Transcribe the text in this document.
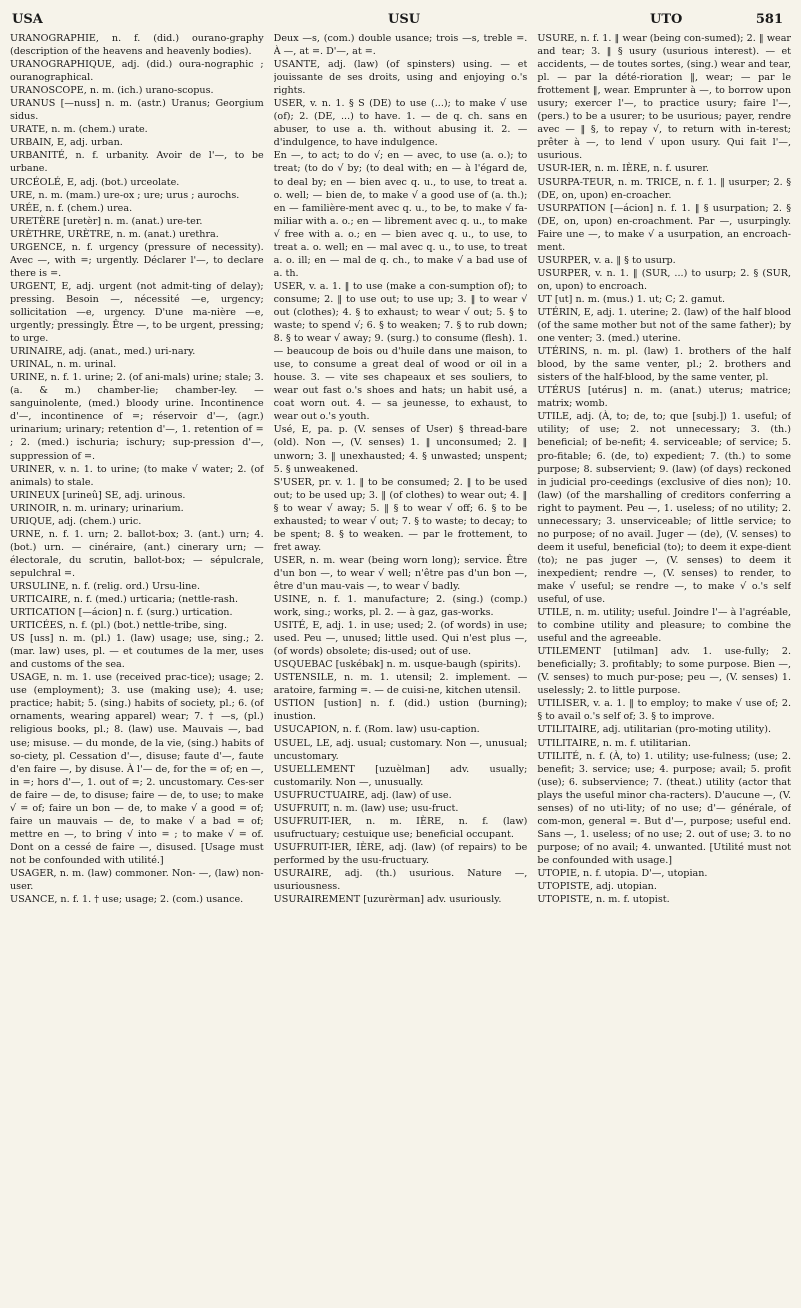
USA	USU	UTO	581

URANOGRAPHIE, n. f. (did.) ourano-graphy (description of the heavens and heavenly bodies).

URANOGRAPHIQUE, adj. (did.) oura-nographic ; ouranographical.

URANOSCOPE, n. m. (ich.) urano-scopus.

URANUS [—nuss] n. m. (astr.) Uranus; Georgium sidus.

URATE, n. m. (chem.) urate.

URBAIN, E, adj. urban.

URBANITÉ, n. f. urbanity. Avoir de l'—, to be urbane.

URCÉOLÉ, E, adj. (bot.) urceolate.

URE, n. m. (mam.) ure-ox ; ure; urus ; aurochs.

URÉE, n. f. (chem.) urea.

URETÈRE [uretèr] n. m. (anat.) ure-ter.

URÈTHRE, URÈTRE, n. m. (anat.) urethra.

URGENCE, n. f. urgency (pressure of necessity). Avec —, with =; urgently. Déclarer l'—, to declare there is =.

URGENT, E, adj. urgent (not admit-ting of delay); pressing. Besoin —, nécessité —e, urgency; sollicitation —e, urgency. D'une ma-nière —e, urgently; pressingly. Être —, to be urgent, pressing; to urge.

URINAIRE, adj. (anat., med.) uri-nary.

URINAL, n. m. urinal.

URINE, n. f. 1. urine; 2. (of ani-mals) urine; stale; 3. (a. & m.) chamber-lie; chamber-ley. — sanguinolente, (med.) bloody urine. Incontinence d'—, incontinence of =; réservoir d'—, (agr.) urinarium; urinary; retention d'—, 1. retention of = ; 2. (med.) ischuria; ischury; sup-pression d'—, suppression of =.

URINER, v. n. 1. to urine; (to make √ water; 2. (of animals) to stale.

URINEUX [urineû] SE, adj. urinous.

URINOIR, n. m. urinary; urinarium.

URIQUE, adj. (chem.) uric.

URNE, n. f. 1. urn; 2. ballot-box; 3. (ant.) urn; 4. (bot.) urn. — cinéraire, (ant.) cinerary urn; — électorale, du scrutin, ballot-box; — sépulcrale, sepulchral =.

URSULINE, n. f. (relig. ord.) Ursu-line.

URTICAIRE, n. f. (med.) urticaria; (nettle-rash.

URTICATION [—ácion] n. f. (surg.) urtication.

URTICÉES, n. f. (pl.) (bot.) nettle-tribe, sing.

US [uss] n. m. (pl.) 1. (law) usage; use, sing.; 2. (mar. law) uses, pl. — et coutumes de la mer, uses and customs of the sea.

USAGE, n. m. 1. use (received prac-tice); usage; 2. use (employment); 3. use (making use); 4. use; practice; habit; 5. (sing.) habits of society, pl.; 6. (of ornaments, wearing apparel) wear; 7. † —s, (pl.) religious books, pl.; 8. (law) use. Mauvais —, bad use; misuse. — du monde, de la vie, (sing.) habits of so-ciety, pl. Cessation d'—, disuse; faute d'—, faute d'en faire —, by disuse. À l'— de, for the = of; en —, in =; hors d'—, 1. out of =; 2. uncustomary. Ces-ser de faire — de, to disuse; faire — de, to use; to make √ = of; faire un bon — de, to make √ a good = of; faire un mauvais — de, to make √ a bad = of; mettre en —, to bring √ into = ; to make √ = of. Dont on a cessé de faire —, disused. [Usage must not be confounded with utilité.]

USAGER, n. m. (law) commoner. Non- —, (law) non-user.

USANCE, n. f. 1. † use; usage; 2. (com.) usance.

Deux —s, (com.) double usance; trois —s, treble =. À —, at =. D'—, at =.

USANTE, adj. (law) (of spinsters) using. — et jouissante de ses droits, using and enjoying o.'s rights.

USER, v. n. 1. § S (DE) to use (...); to make √ use (of); 2. (DE, ...) to have. 1. — de q. ch. sans en abuser, to use a. th. without abusing it. 2. — d'indulgence, to have indulgence.

En —, to act; to do √; en — avec, to use (a. o.); to treat; (to do √ by; (to deal with; en — à l'égard de, to deal by; en — bien avec q. u., to use, to treat a. o. well; — bien de, to make √ a good use of (a. th.); en — familière-ment avec q. u., to be, to make √ fa-miliar with a. o.; en — librement avec q. u., to make √ free with a. o.; en — bien avec q. u., to use, to treat a. o. well; en — mal avec q. u., to use, to treat a. o. ill; en — mal de q. ch., to make √ a bad use of a. th.

USER, v. a. 1. ‖ to use (make a con-sumption of); to consume; 2. ‖ to use out; to use up; 3. ‖ to wear √ out (clothes); 4. § to exhaust; to wear √ out; 5. § to waste; to spend √; 6. § to weaken; 7. § to rub down; 8. § to wear √ away; 9. (surg.) to consume (flesh). 1. — beaucoup de bois ou d'huile dans une maison, to use, to consume a great deal of wood or oil in a house. 3. — vite ses chapeaux et ses souliers, to wear out fast o.'s shoes and hats; un habit usé, a coat worn out. 4. — sa jeunesse, to exhaust, to wear out o.'s youth.

Usé, E, pa. p. (V. senses of User) § thread-bare (old). Non —, (V. senses) 1. ‖ unconsumed; 2. ‖ unworn; 3. ‖ unexhausted; 4. § unwasted; unspent; 5. § unweakened.

S'USER, pr. v. 1. ‖ to be consumed; 2. ‖ to be used out; to be used up; 3. ‖ (of clothes) to wear out; 4. ‖ § to wear √ away; 5. ‖ § to wear √ off; 6. § to be exhausted; to wear √ out; 7. § to waste; to decay; to be spent; 8. § to weaken. — par le frottement, to fret away.

USER, n. m. wear (being worn long); service. Être d'un bon —, to wear √ well; n'être pas d'un bon —, être d'un mau-vais —, to wear √ badly.

USINE, n. f. 1. manufacture; 2. (sing.) (comp.) work, sing.; works, pl. 2. — à gaz, gas-works.

USITÉ, E, adj. 1. in use; used; 2. (of words) in use; used. Peu —, unused; little used. Qui n'est plus —, (of words) obsolete; dis-used; out of use.

USQUEBAC [uskébak] n. m. usque-baugh (spirits).

USTENSILE, n. m. 1. utensil; 2. implement. — aratoire, farming =. — de cuisi-ne, kitchen utensil.

USTION [ustion] n. f. (did.) ustion (burning); inustion.

USUCAPION, n. f. (Rom. law) usu-caption.

USUEL, LE, adj. usual; customary. Non —, unusual; uncustomary.

USUELLEMENT [uzuèlman] adv. usually; customarily. Non —, unusually.

USUFRUCTUAIRE, adj. (law) of use.

USUFRUIT, n. m. (law) use; usu-fruct.

USUFRUIT-IER, n. m. IÈRE, n. f. (law) usufructuary; cestuique use; beneficial occupant.

USUFRUIT-IER, IÈRE, adj. (law) (of repairs) to be performed by the usu-fructuary.

USURAIRE, adj. (th.) usurious. Nature —, usuriousness.

USURAIREMENT [uzurèrman] adv. usuriously.

USURE, n. f. 1. ‖ wear (being con-sumed); 2. ‖ wear and tear; 3. ‖ § usury (usurious interest). — et accidents, — de toutes sortes, (sing.) wear and tear, pl. — par la dété-rioration ‖, wear; — par le frottement ‖, wear. Emprunter à —, to borrow upon usury; exercer l'—, to practice usury; faire l'—, (pers.) to be a usurer; to be usurious; payer, rendre avec — ‖ §, to repay √, to return with in-terest; prêter à —, to lend √ upon usury. Qui fait l'—, usurious.

USUR-IER, n. m. IÈRE, n. f. usurer.

USURPA-TEUR, n. m. TRICE, n. f. 1. ‖ usurper; 2. § (DE, on, upon) en-croacher.

USURPATION [—ácion] n. f. 1. ‖ § usurpation; 2. § (DE, on, upon) en-croachment. Par —, usurpingly. Faire une —, to make √ a usurpation, an encroach-ment.

USURPER, v. a. ‖ § to usurp.

USURPER, v. n. 1. ‖ (SUR, ...) to usurp; 2. § (SUR, on, upon) to encroach.

UT [ut] n. m. (mus.) 1. ut; C; 2. gamut.

UTÉRIN, E, adj. 1. uterine; 2. (law) of the half blood (of the same mother but not of the same father); by one venter; 3. (med.) uterine.

UTÉRINS, n. m. pl. (law) 1. brothers of the half blood, by the same venter, pl.; 2. brothers and sisters of the half-blood, by the same venter, pl.

UTÉRUS [utérus] n. m. (anat.) uterus; matrice; matrix; womb.

UTILE, adj. (À, to; de, to; que [subj.]) 1. useful; of utility; of use; 2. not unnecessary; 3. (th.) beneficial; of be-nefit; 4. serviceable; of service; 5. pro-fitable; 6. (de, to) expedient; 7. (th.) to some purpose; 8. subservient; 9. (law) (of days) reckoned in judicial pro-ceedings (exclusive of dies non); 10. (law) (of the marshalling of creditors conferring a right to payment. Peu —, 1. useless; of no utility; 2. unnecessary; 3. unserviceable; of little service; to no purpose; of no avail. Juger — (de), (V. senses) to deem it useful, beneficial (to); to deem it expe-dient (to); ne pas juger —, (V. senses) to deem it inexpedient; rendre —, (V. senses) to render, to make √ useful; se rendre —, to make √ o.'s self useful, of use.

UTILE, n. m. utility; useful. Joindre l'— à l'agréable, to combine utility and pleasure; to combine the useful and the agreeable.

UTILEMENT [utilman] adv. 1. use-fully; 2. beneficially; 3. profitably; to some purpose. Bien —, (V. senses) to much pur-pose; peu —, (V. senses) 1. uselessly; 2. to little purpose.

UTILISER, v. a. 1. ‖ to employ; to make √ use of; 2. § to avail o.'s self of; 3. § to improve.

UTILITAIRE, adj. utilitarian (pro-moting utility).

UTILITAIRE, n. m. f. utilitarian.

UTILITÉ, n. f. (À, to) 1. utility; use-fulness; (use; 2. benefit; 3. service; use; 4. purpose; avail; 5. profit (use); 6. subservience; 7. (theat.) utility (actor that plays the useful minor cha-racters). D'aucune —, (V. senses) of no uti-lity; of no use; d'— générale, of com-mon, general =. But d'—, purpose; useful end. Sans —, 1. useless; of no use; 2. out of use; 3. to no purpose; of no avail; 4. unwanted. [Utilité must not be confounded with usage.]

UTOPIE, n. f. utopia. D'—, utopian.

UTOPISTE, adj. utopian.

UTOPISTE, n. m. f. utopist.
